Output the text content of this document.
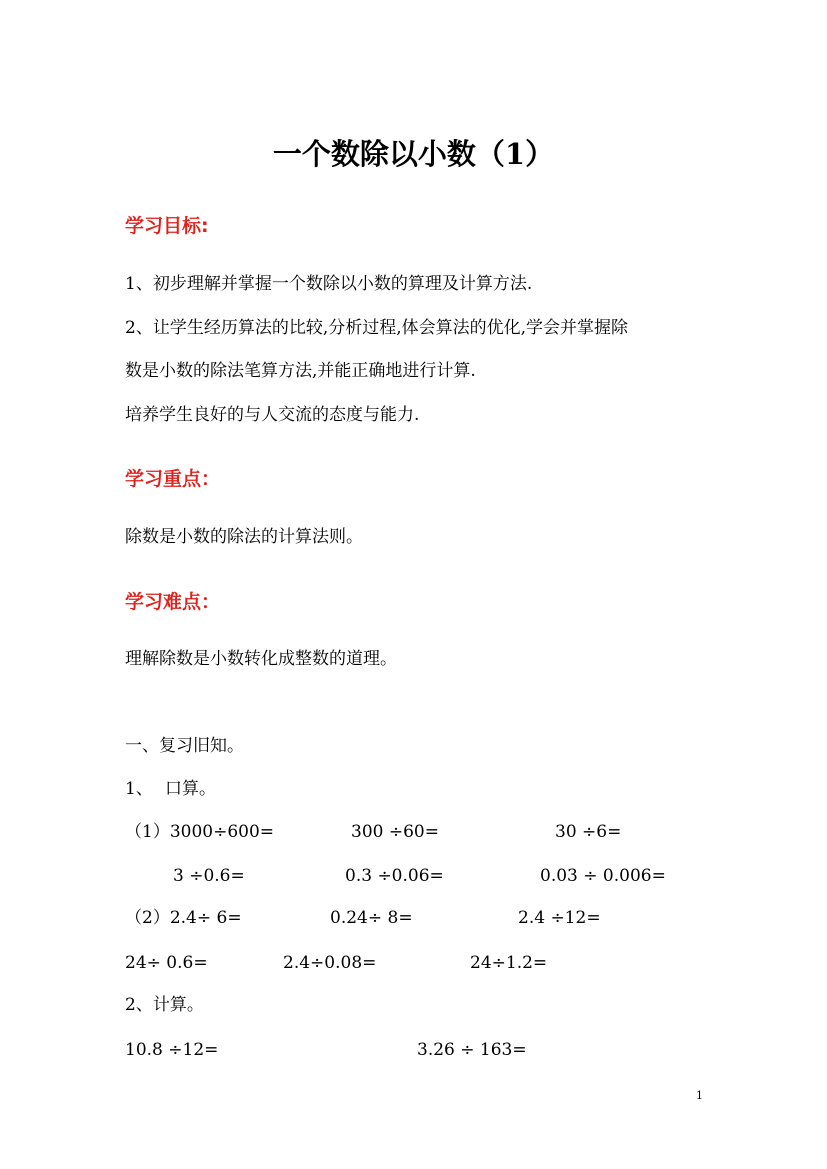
一个数除以小数（1）
学习目标:
1、初步理解并掌握一个数除以小数的算理及计算方法.
2、让学生经历算法的比较,分析过程,体会算法的优化,学会并掌握除
数是小数的除法笔算方法,并能正确地进行计算.
培养学生良好的与人交流的态度与能力.
学习重点：
除数是小数的除法的计算法则。
学习难点：
理解除数是小数转化成整数的道理。
一、复习旧知。
1、 口算。
（1）3000÷600=	300 ÷60=	30 ÷6=
3 ÷0.6=	0.3 ÷0.06=	0.03 ÷ 0.006=
（2）2.4÷ 6=	0.24÷ 8=	2.4 ÷12=
24÷ 0.6=	2.4÷0.08=	24÷1.2=
2、计算。
10.8 ÷12=	3.26 ÷ 163=
1
